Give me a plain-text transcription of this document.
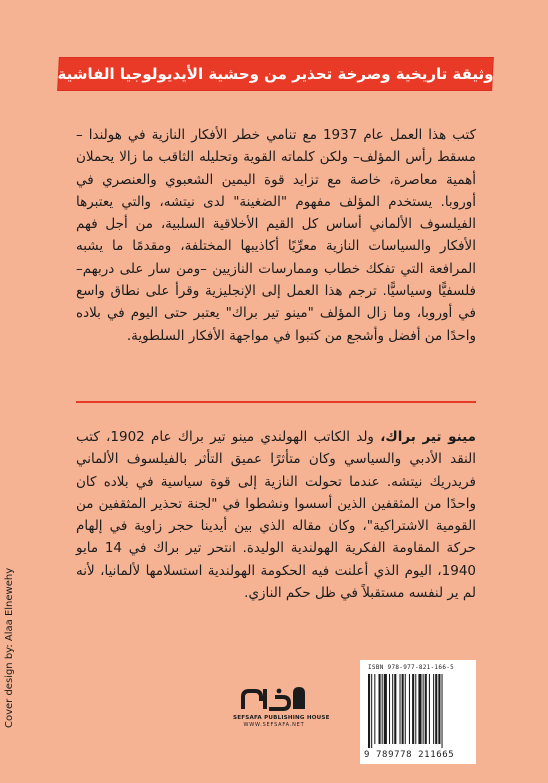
وثيقة تاريخية وصرخة تحذير من وحشية الأيديولوجيا الفاشية

كتب هذا العمل عام 1937 مع تنامي خطر الأفكار النازية في هولندا –مسقط رأس المؤلف– ولكن كلماته القوية وتحليله الثاقب ما زالا يحملان أهمية معاصرة، خاصة مع تزايد قوة اليمين الشعبوي والعنصري في أوروبا. يستخدم المؤلف مفهوم "الضغينة" لدى نيتشه، والتي يعتبرها الفيلسوف الألماني أساس كل القيم الأخلاقية السلبية، من أجل فهم الأفكار والسياسات النازية معرِّيًا أكاذيبها المختلفة، ومقدمًا ما يشبه المرافعة التي تفكك خطاب وممارسات النازيين –ومن سار على دربهم– فلسفيًّا وسياسيًّا. ترجم هذا العمل إلى الإنجليزية وقرأ على نطاق واسع في أوروبا، وما زال المؤلف "مينو تير براك" يعتبر حتى اليوم في بلاده واحدًا من أفضل وأشجع من كتبوا في مواجهة الأفكار السلطوية.

مينو تير براك، ولد الكاتب الهولندي مينو تير براك عام 1902، كتب النقد الأدبي والسياسي وكان متأثرًا عميق التأثر بالفيلسوف الألماني فريدريك نيتشه. عندما تحولت النازية إلى قوة سياسية في بلاده كان واحدًا من المثقفين الذين أسسوا ونشطوا في "لجنة تحذير المثقفين من القومية الاشتراكية"، وكان مقاله الذي بين أيدينا حجر زاوية في إلهام حركة المقاومة الفكرية الهولندية الوليدة. انتحر تير براك في 14 مايو 1940، اليوم الذي أعلنت فيه الحكومة الهولندية استسلامها لألمانيا، لأنه لم ير لنفسه مستقبلاً في ظل حكم النازي.

Cover design by: Alaa Elnewehy	SEFSAFA PUBLISHING HOUSE
WWW.SEFSAFA.NET
ISBN 978-977-821-166-5
9 789778 211665
